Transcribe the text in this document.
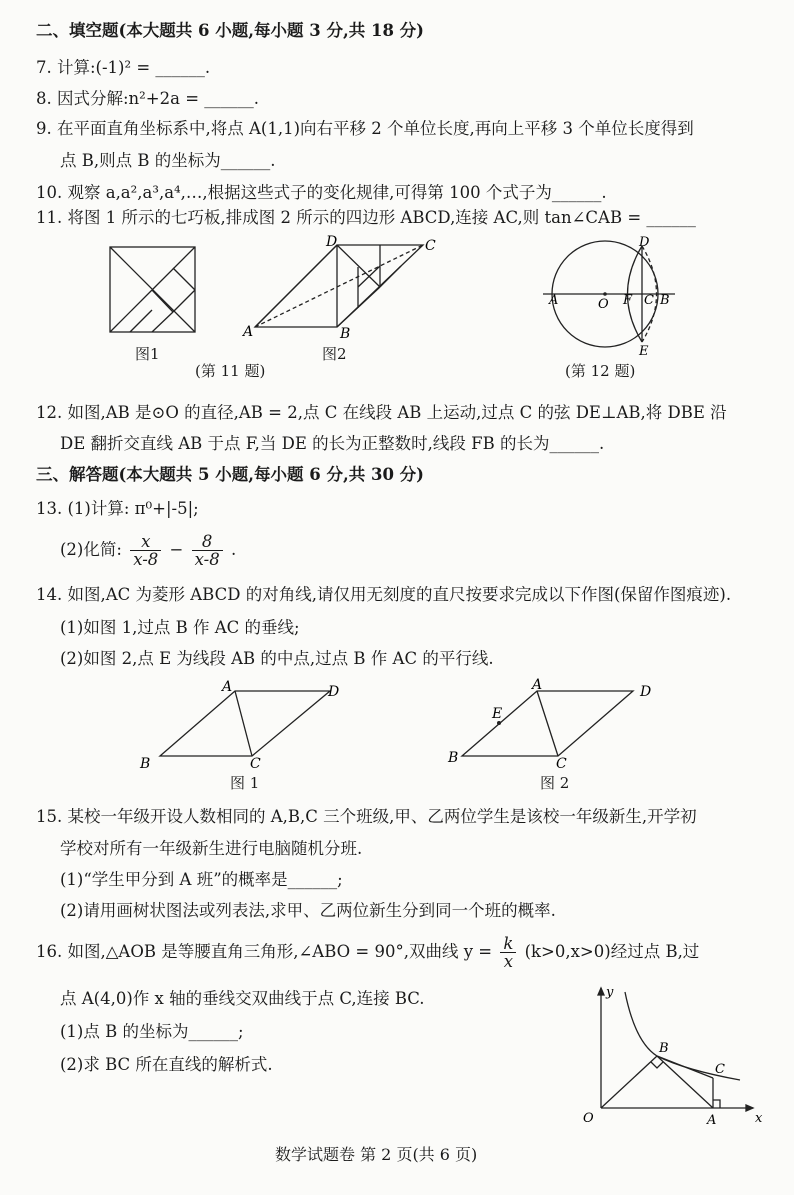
二、填空题(本大题共 6 小题,每小题 3 分,共 18 分)
7. 计算:(-1)² = ______.
8. 因式分解:n²+2a = ______.
9. 在平面直角坐标系中,将点 A(1,1)向右平移 2 个单位长度,再向上平移 3 个单位长度得到
点 B,则点 B 的坐标为______.
10. 观察 a,a²,a³,a⁴,…,根据这些式子的变化规律,可得第 100 个式子为______.
11. 将图 1 所示的七巧板,排成图 2 所示的四边形 ABCD,连接 AC,则 tan∠CAB = ______
A	B
C
D
图1	图2
(第 11 题)
A	O F C B
D
E
(第 12 题)
12. 如图,AB 是⊙O 的直径,AB = 2,点 C 在线段 AB 上运动,过点 C 的弦 DE⊥AB,将 DBE 沿
DE 翻折交直线 AB 于点 F,当 DE 的长为正整数时,线段 FB 的长为______.
三、解答题(本大题共 5 小题,每小题 6 分,共 30 分)
13. (1)计算: π⁰+|-5|;
(2)化简: $\frac{x}{x-8} - \frac{8}{x-8}$ .
14. 如图,AC 为菱形 ABCD 的对角线,请仅用无刻度的直尺按要求完成以下作图(保留作图痕迹).
(1)如图 1,过点 B 作 AC 的垂线;
(2)如图 2,点 E 为线段 AB 的中点,过点 B 作 AC 的平行线.
A
B	C
D	A
B	C
D
E
图 1	图 2
15. 某校一年级开设人数相同的 A,B,C 三个班级,甲、乙两位学生是该校一年级新生,开学初
学校对所有一年级新生进行电脑随机分班.
(1)“学生甲分到 A 班”的概率是______;
(2)请用画树状图法或列表法,求甲、乙两位新生分到同一个班的概率.
16. 如图,△AOB 是等腰直角三角形,∠ABO = 90°,双曲线 $y = \frac{k}{x} (k>0,x>0)$经过点 B,过
点 A(4,0)作 x 轴的垂线交双曲线于点 C,连接 BC.
(1)点 B 的坐标为______;
(2)求 BC 所在直线的解析式.
y
x
O	A
B
C
数学试题卷 第 2 页(共 6 页)
